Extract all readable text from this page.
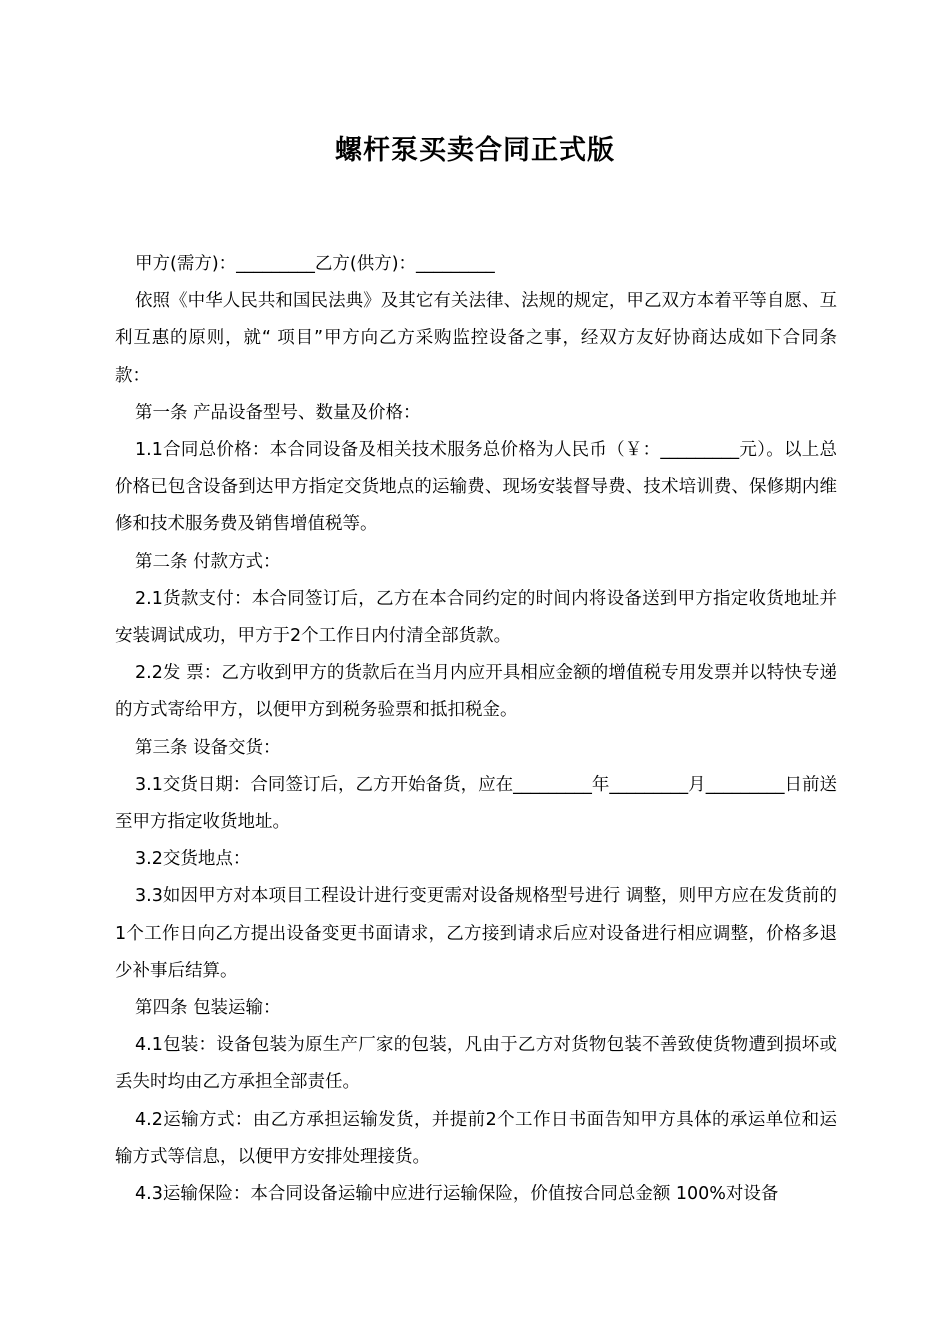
螺杆泵买卖合同正式版

甲方(需方)：_________乙方(供方)：_________

依照《中华人民共和国民法典》及其它有关法律、法规的规定，甲乙双方本着平等自愿、互利互惠的原则，就“ 项目”甲方向乙方采购监控设备之事，经双方友好协商达成如下合同条款：

第一条 产品设备型号、数量及价格：

1.1合同总价格：本合同设备及相关技术服务总价格为人民币（￥：_________元）。以上总价格已包含设备到达甲方指定交货地点的运输费、现场安装督导费、技术培训费、保修期内维修和技术服务费及销售增值税等。

第二条 付款方式：

2.1货款支付：本合同签订后，乙方在本合同约定的时间内将设备送到甲方指定收货地址并安装调试成功，甲方于2个工作日内付清全部货款。

2.2发 票：乙方收到甲方的货款后在当月内应开具相应金额的增值税专用发票并以特快专递的方式寄给甲方，以便甲方到税务验票和抵扣税金。

第三条 设备交货：

3.1交货日期：合同签订后，乙方开始备货，应在_________年_________月_________日前送至甲方指定收货地址。

3.2交货地点：

3.3如因甲方对本项目工程设计进行变更需对设备规格型号进行 调整，则甲方应在发货前的1个工作日向乙方提出设备变更书面请求，乙方接到请求后应对设备进行相应调整，价格多退少补事后结算。

第四条 包装运输：

4.1包装：设备包装为原生产厂家的包装，凡由于乙方对货物包装不善致使货物遭到损坏或丢失时均由乙方承担全部责任。

4.2运输方式：由乙方承担运输发货，并提前2个工作日书面告知甲方具体的承运单位和运输方式等信息，以便甲方安排处理接货。

4.3运输保险：本合同设备运输中应进行运输保险，价值按合同总金额 100%对设备
